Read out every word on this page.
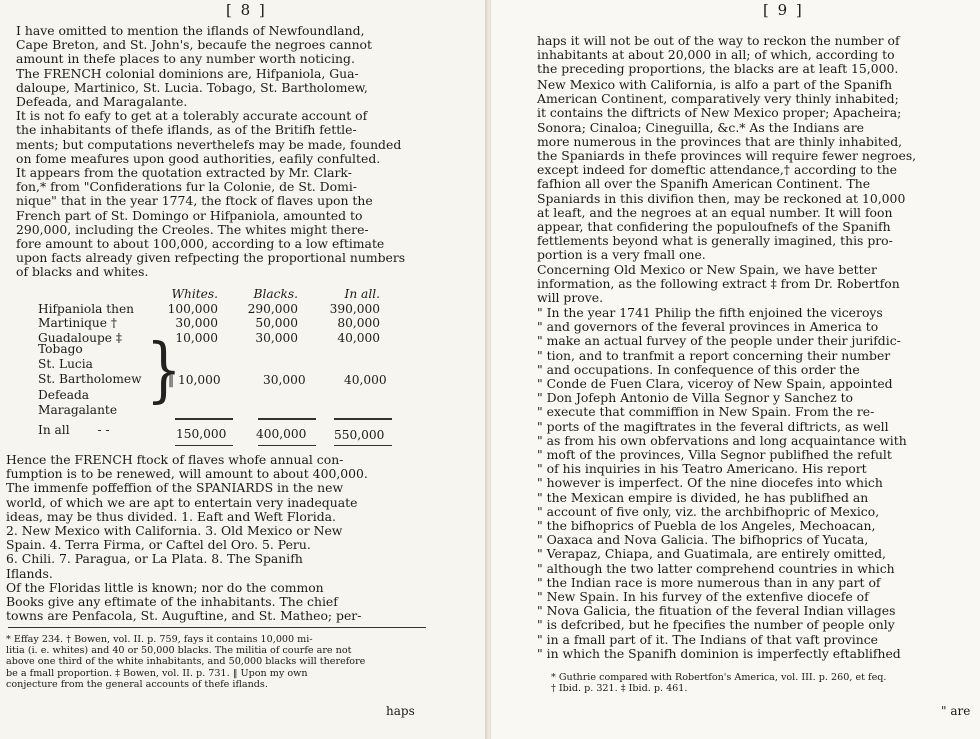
[ 8 ]
I have omitted to mention the iflands of Newfoundland,
Cape Breton, and St. John's, becaufe the negroes cannot
amount in thefe places to any number worth noticing.
The FRENCH colonial dominions are, Hifpaniola, Gua-
daloupe, Martinico, St. Lucia. Tobago, St. Bartholomew,
Defeada, and Maragalante.
It is not fo eafy to get at a tolerably accurate account of
the inhabitants of thefe iflands, as of the Britifh fettle-
ments; but computations neverthelefs may be made, founded
on fome meafures upon good authorities, eafily confulted.
It appears from the quotation extracted by Mr. Clark-
fon,* from "Confiderations fur la Colonie, de St. Domi-
nique" that in the year 1774, the ftock of flaves upon the
French part of St. Domingo or Hifpaniola, amounted to
290,000, including the Creoles. The whites might there-
fore amount to about 100,000, according to a low eftimate
upon facts already given refpecting the proportional numbers
of blacks and whites.
	Whites.	Blacks.	In all.
Hifpaniola then	100,000	290,000	390,000
Martinique †	30,000	50,000	80,000
Guadaloupe ‡	10,000	30,000	40,000
Tobago
St. Lucia
St. Bartholomew
Defeada
Maragalante }
‖ 10,000	30,000	40,000
In all - -	150,000 400,000 550,000
Hence the FRENCH ftock of flaves whofe annual con-
fumption is to be renewed, will amount to about 400,000.
The immenfe poffeffion of the SPANIARDS in the new
world, of which we are apt to entertain very inadequate
ideas, may be thus divided. 1. Eaft and Weft Florida.
2. New Mexico with California. 3. Old Mexico or New
Spain. 4. Terra Firma, or Caftel del Oro. 5. Peru.
6. Chili. 7. Paragua, or La Plata. 8. The Spanifh
Iflands.
Of the Floridas little is known; nor do the common
Books give any eftimate of the inhabitants. The chief
towns are Penfacola, St. Auguftine, and St. Matheo; per-
* Effay 234. † Bowen, vol. II. p. 759, fays it contains 10,000 mi-
litia (i. e. whites) and 40 or 50,000 blacks. The militia of courfe are not
above one third of the white inhabitants, and 50,000 blacks will therefore
be a fmall proportion. ‡ Bowen, vol. II. p. 731. ‖ Upon my own
conjecture from the general accounts of thefe iflands.
haps
[ 9 ]
haps it will not be out of the way to reckon the number of
inhabitants at about 20,000 in all; of which, according to
the preceding proportions, the blacks are at leaft 15,000.
New Mexico with California, is alfo a part of the Spanifh
American Continent, comparatively very thinly inhabited;
it contains the diftricts of New Mexico proper; Apacheira;
Sonora; Cinaloa; Cineguilla, &c.* As the Indians are
more numerous in the provinces that are thinly inhabited,
the Spaniards in thefe provinces will require fewer negroes,
except indeed for domeftic attendance,† according to the
fafhion all over the Spanifh American Continent. The
Spaniards in this divifion then, may be reckoned at 10,000
at leaft, and the negroes at an equal number. It will foon
appear, that confidering the populoufnefs of the Spanifh
fettlements beyond what is generally imagined, this pro-
portion is a very fmall one.
Concerning Old Mexico or New Spain, we have better
information, as the following extract ‡ from Dr. Robertfon
will prove.
" In the year 1741 Philip the fifth enjoined the viceroys
" and governors of the feveral provinces in America to
" make an actual furvey of the people under their jurifdic-
" tion, and to tranfmit a report concerning their number
" and occupations. In confequence of this order the
" Conde de Fuen Clara, viceroy of New Spain, appointed
" Don Jofeph Antonio de Villa Segnor y Sanchez to
" execute that commiffion in New Spain. From the re-
" ports of the magiftrates in the feveral diftricts, as well
" as from his own obfervations and long acquaintance with
" moft of the provinces, Villa Segnor publifhed the refult
" of his inquiries in his Teatro Americano. His report
" however is imperfect. Of the nine diocefes into which
" the Mexican empire is divided, he has publifhed an
" account of five only, viz. the archbifhopric of Mexico,
" the bifhoprics of Puebla de los Angeles, Mechoacan,
" Oaxaca and Nova Galicia. The bifhoprics of Yucata,
" Verapaz, Chiapa, and Guatimala, are entirely omitted,
" although the two latter comprehend countries in which
" the Indian race is more numerous than in any part of
" New Spain. In his furvey of the extenfive diocefe of
" Nova Galicia, the fituation of the feveral Indian villages
" is defcribed, but he fpecifies the number of people only
" in a fmall part of it. The Indians of that vaft province
" in which the Spanifh dominion is imperfectly eftablifhed
* Guthrie compared with Robertfon's America, vol. III. p. 260, et feq.
† Ibid. p. 321. ‡ Ibid. p. 461.
" are
